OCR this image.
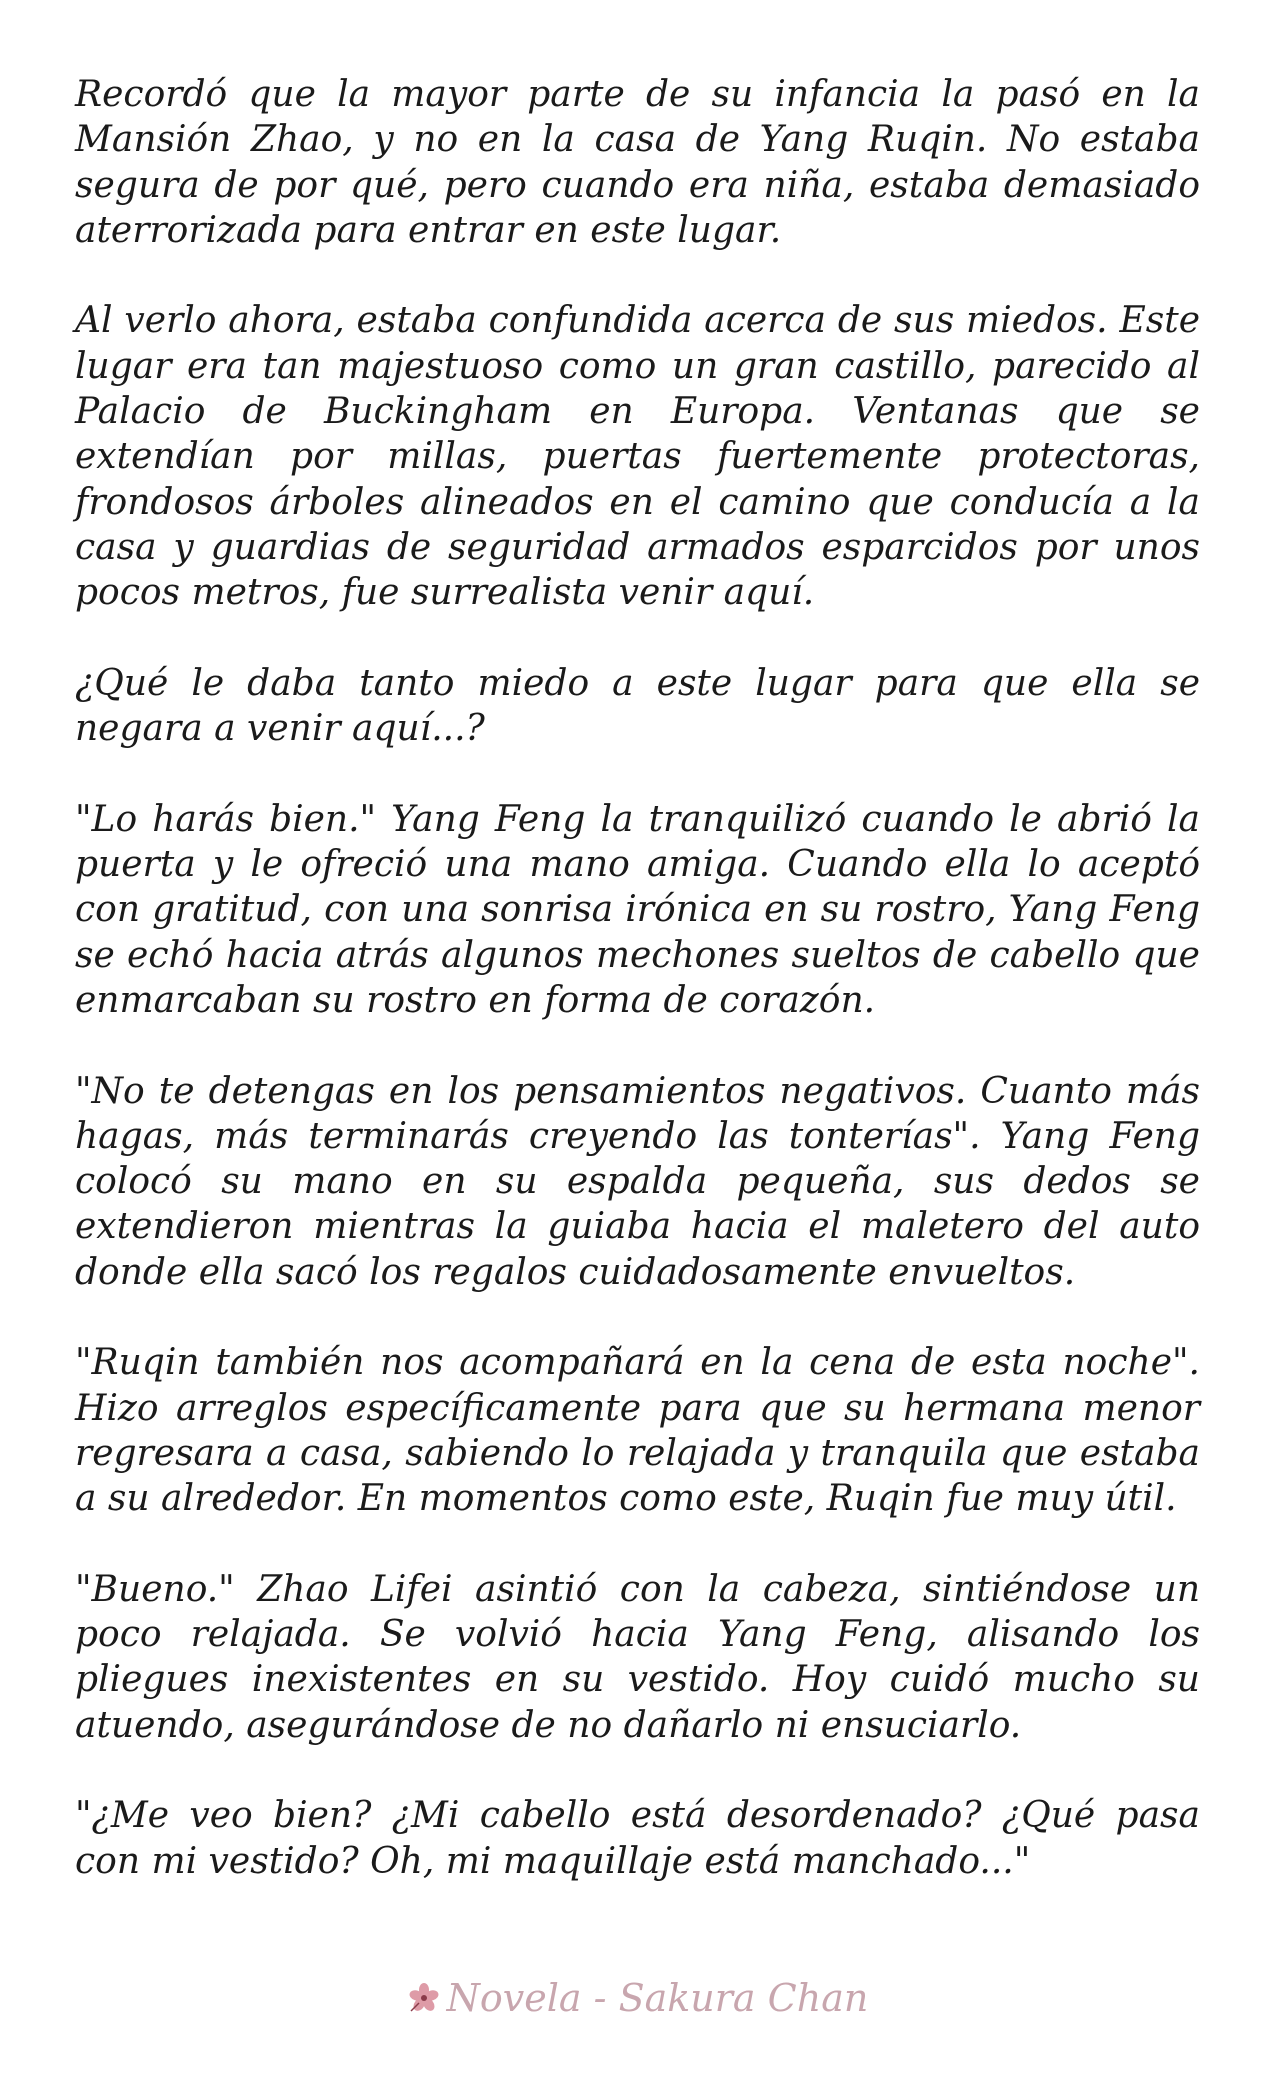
Recordó que la mayor parte de su infancia la pasó en la Mansión Zhao, y no en la casa de Yang Ruqin. No estaba segura de por qué, pero cuando era niña, estaba demasiado aterrorizada para entrar en este lugar.

Al verlo ahora, estaba confundida acerca de sus miedos. Este lugar era tan majestuoso como un gran castillo, parecido al Palacio de Buckingham en Europa. Ventanas que se extendían por millas, puertas fuertemente protectoras, frondosos árboles alineados en el camino que conducía a la casa y guardias de seguridad armados esparcidos por unos pocos metros, fue surrealista venir aquí.

¿Qué le daba tanto miedo a este lugar para que ella se negara a venir aquí...?

"Lo harás bien." Yang Feng la tranquilizó cuando le abrió la puerta y le ofreció una mano amiga. Cuando ella lo aceptó con gratitud, con una sonrisa irónica en su rostro, Yang Feng se echó hacia atrás algunos mechones sueltos de cabello que enmarcaban su rostro en forma de corazón.

"No te detengas en los pensamientos negativos. Cuanto más hagas, más terminarás creyendo las tonterías". Yang Feng colocó su mano en su espalda pequeña, sus dedos se extendieron mientras la guiaba hacia el maletero del auto donde ella sacó los regalos cuidadosamente envueltos.

"Ruqin también nos acompañará en la cena de esta noche". Hizo arreglos específicamente para que su hermana menor regresara a casa, sabiendo lo relajada y tranquila que estaba a su alrededor. En momentos como este, Ruqin fue muy útil.

"Bueno." Zhao Lifei asintió con la cabeza, sintiéndose un poco relajada. Se volvió hacia Yang Feng, alisando los pliegues inexistentes en su vestido. Hoy cuidó mucho su atuendo, asegurándose de no dañarlo ni ensuciarlo.

"¿Me veo bien? ¿Mi cabello está desordenado? ¿Qué pasa con mi vestido? Oh, mi maquillaje está manchado..."

Novela - Sakura Chan
